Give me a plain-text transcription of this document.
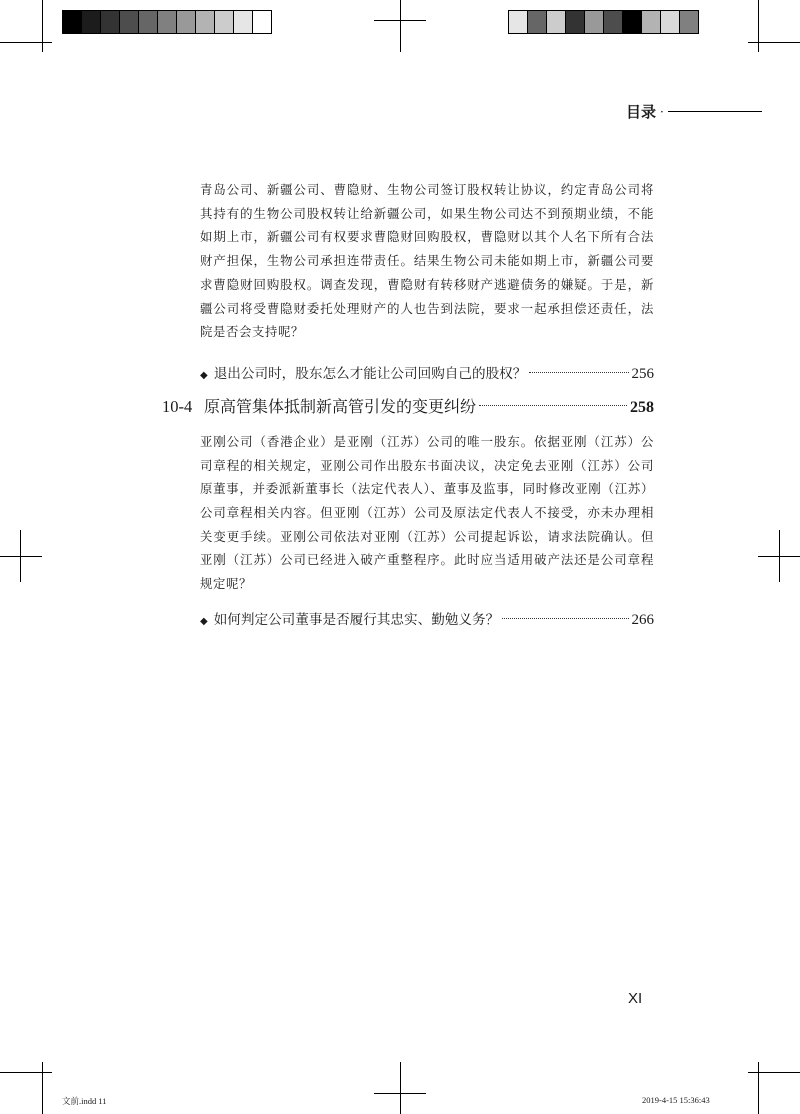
目录 ·
青岛公司、新疆公司、曹隐财、生物公司签订股权转让协议，约定青岛公司将其持有的生物公司股权转让给新疆公司，如果生物公司达不到预期业绩，不能如期上市，新疆公司有权要求曹隐财回购股权，曹隐财以其个人名下所有合法财产担保，生物公司承担连带责任。结果生物公司未能如期上市，新疆公司要求曹隐财回购股权。调查发现，曹隐财有转移财产逃避债务的嫌疑。于是，新疆公司将受曹隐财委托处理财产的人也告到法院，要求一起承担偿还责任，法院是否会支持呢？
◆ 退出公司时，股东怎么才能让公司回购自己的股权？	256
10-4 原高管集体抵制新高管引发的变更纠纷	258
亚刚公司（香港企业）是亚刚（江苏）公司的唯一股东。依据亚刚（江苏）公司章程的相关规定，亚刚公司作出股东书面决议，决定免去亚刚（江苏）公司原董事，并委派新董事长（法定代表人）、董事及监事，同时修改亚刚（江苏）公司章程相关内容。但亚刚（江苏）公司及原法定代表人不接受，亦未办理相关变更手续。亚刚公司依法对亚刚（江苏）公司提起诉讼，请求法院确认。但亚刚（江苏）公司已经进入破产重整程序。此时应当适用破产法还是公司章程规定呢？
◆ 如何判定公司董事是否履行其忠实、勤勉义务？	266
XI
文前.indd 11	2019-4-15 15:36:43
